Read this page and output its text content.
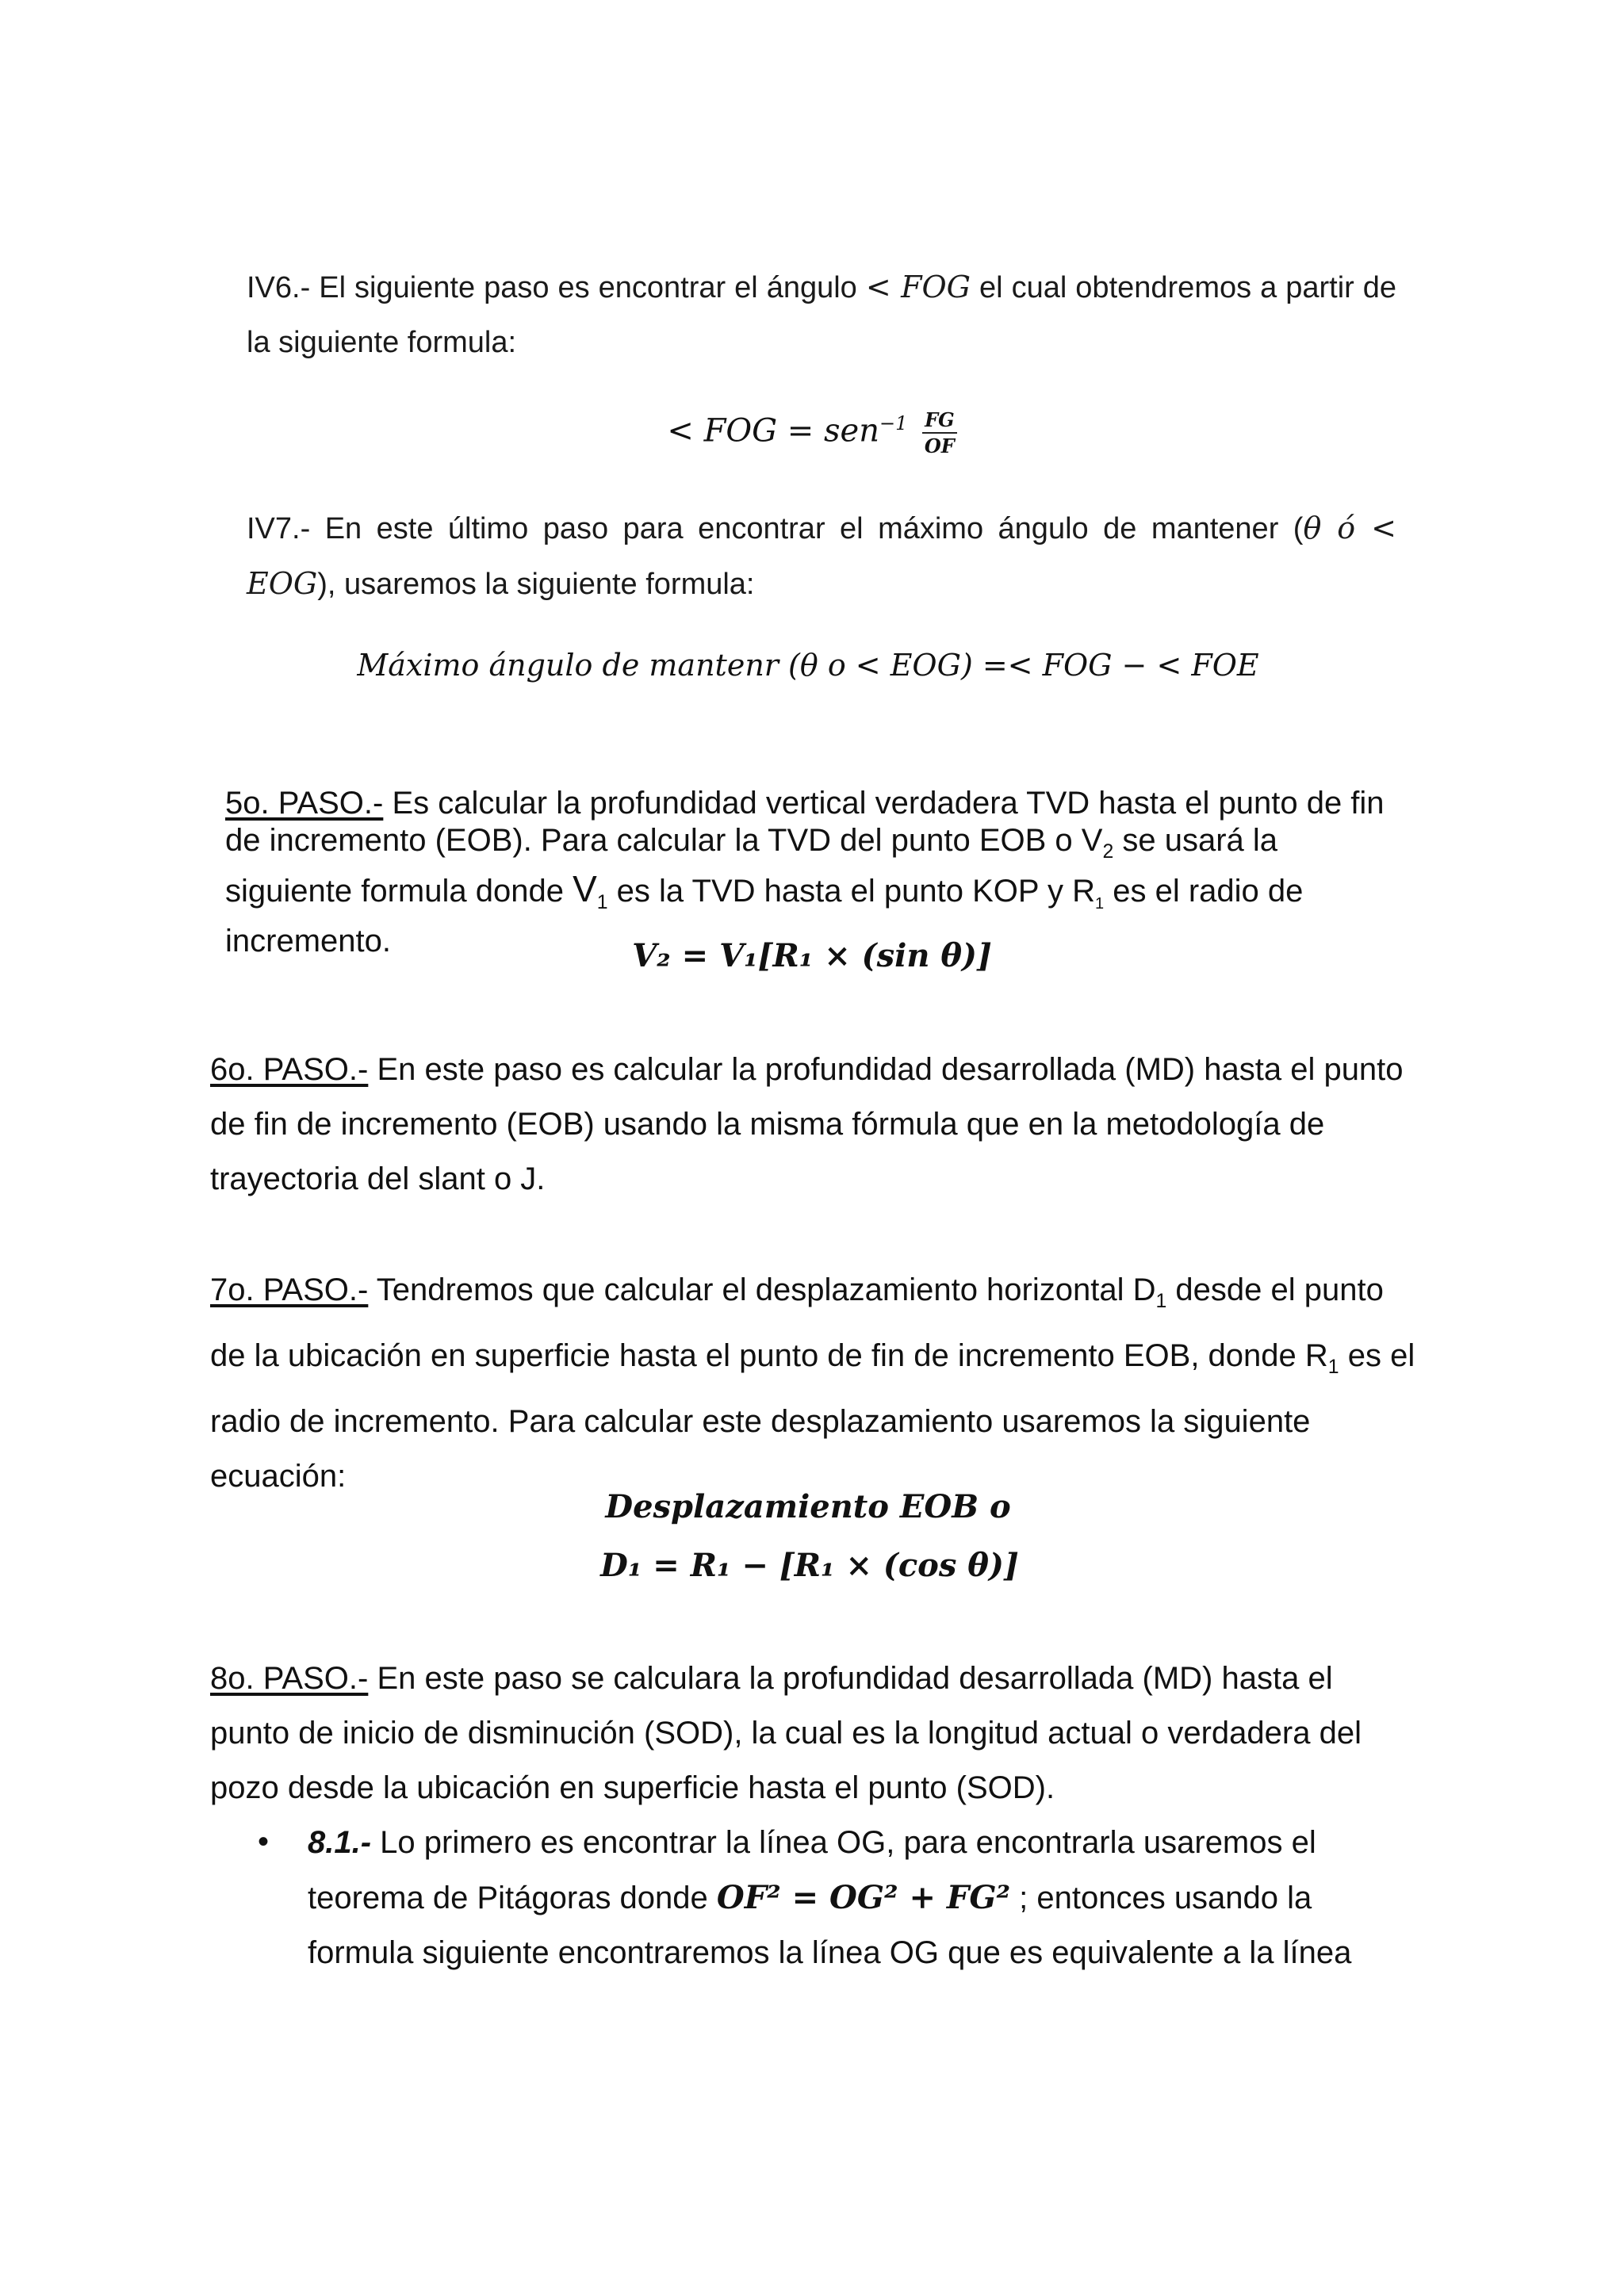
IV6.- El siguiente paso es encontrar el ángulo < FOG el cual obtendremos a partir de la siguiente formula:
< FOG = $sen^{-1} \frac{FG}{OF}$
IV7.- En este último paso para encontrar el máximo ángulo de mantener (θ ó < EOG), usaremos la siguiente formula:
Máximo ángulo de mantenr (θ o < EOG) =< FOG − < FOE
5o. PASO.- Es calcular la profundidad vertical verdadera TVD hasta el punto de fin de incremento (EOB). Para calcular la TVD del punto EOB o $V_2$ se usará la siguiente formula donde $V_1$ es la TVD hasta el punto KOP y $R_1$ es el radio de incremento.	V₂ = V₁[R₁ × (sin θ)]
6o. PASO.- En este paso es calcular la profundidad desarrollada (MD) hasta el punto de fin de incremento (EOB) usando la misma fórmula que en la metodología de trayectoria del slant o J.
7o. PASO.- Tendremos que calcular el desplazamiento horizontal $D_1$ desde el punto de la ubicación en superficie hasta el punto de fin de incremento EOB, donde $R_1$ es el radio de incremento. Para calcular este desplazamiento usaremos la siguiente ecuación:
Desplazamiento EOB o
D₁ = R₁ − [R₁ × (cos θ)]
8o. PASO.- En este paso se calculara la profundidad desarrollada (MD) hasta el punto de inicio de disminución (SOD), la cual es la longitud actual o verdadera del pozo desde la ubicación en superficie hasta el punto (SOD).
• 8.1.- Lo primero es encontrar la línea OG, para encontrarla usaremos el teorema de Pitágoras donde OF² = OG² + FG² ; entonces usando la formula siguiente encontraremos la línea OG que es equivalente a la línea
